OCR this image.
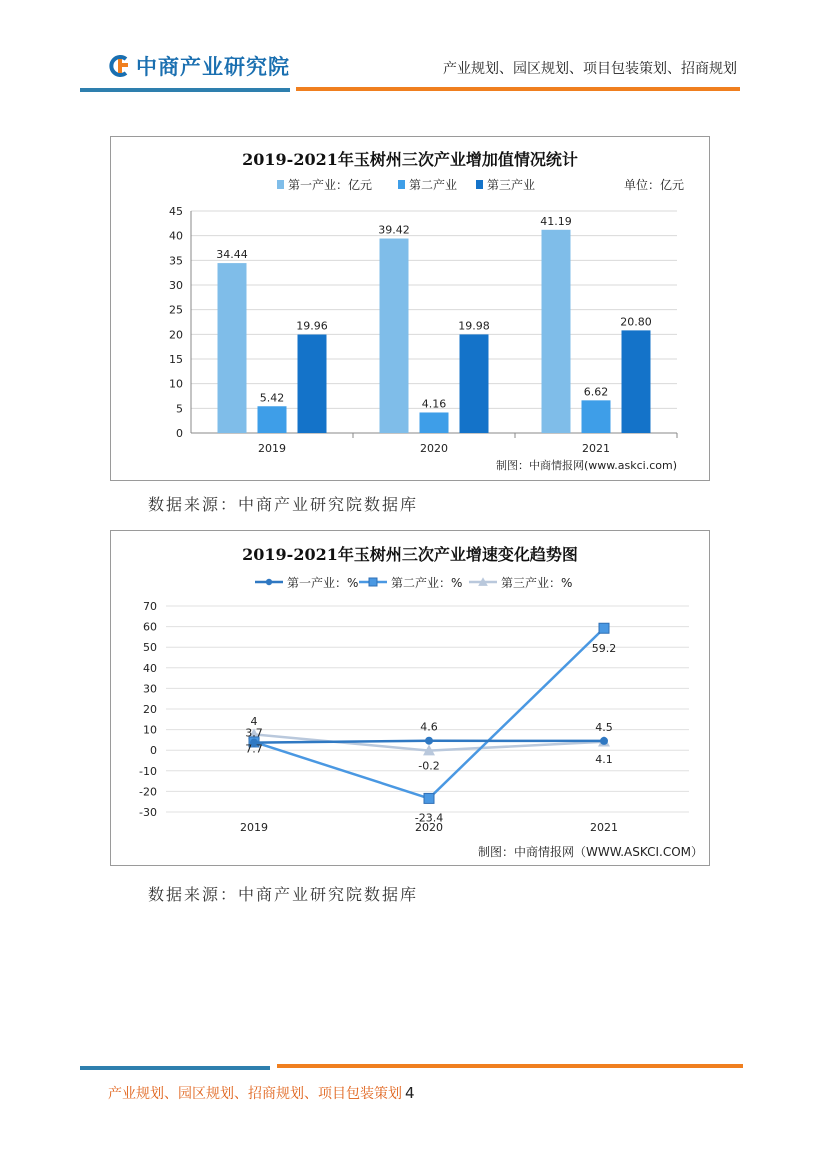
中商产业研究院	产业规划、园区规划、项目包装策划、招商规划
2019-2021年玉树州三次产业增加值情况统计
第一产业：亿元	第二产业 第三产业	单位：亿元
0
5
10
15
20
25
30
35
40
45
2019
34.44
5.42
19.96
2020
39.42
4.16
19.98
2021
41.19
6.62
20.80
制图：中商情报网(www.askci.com)
数据来源：中商产业研究院数据库
2019-2021年玉树州三次产业增速变化趋势图
第一产业：%	第二产业：%	第三产业：%
-30
-20
-10
0
10
20
30
40
50
60
70
2019	2020	2021
3.7	4.6	4.5
4
-23.4
59.2
7.7
-0.2
4.1
制图：中商情报网（WWW.ASKCI.COM）
数据来源：中商产业研究院数据库
产业规划、园区规划、招商规划、项目包装策划 4
